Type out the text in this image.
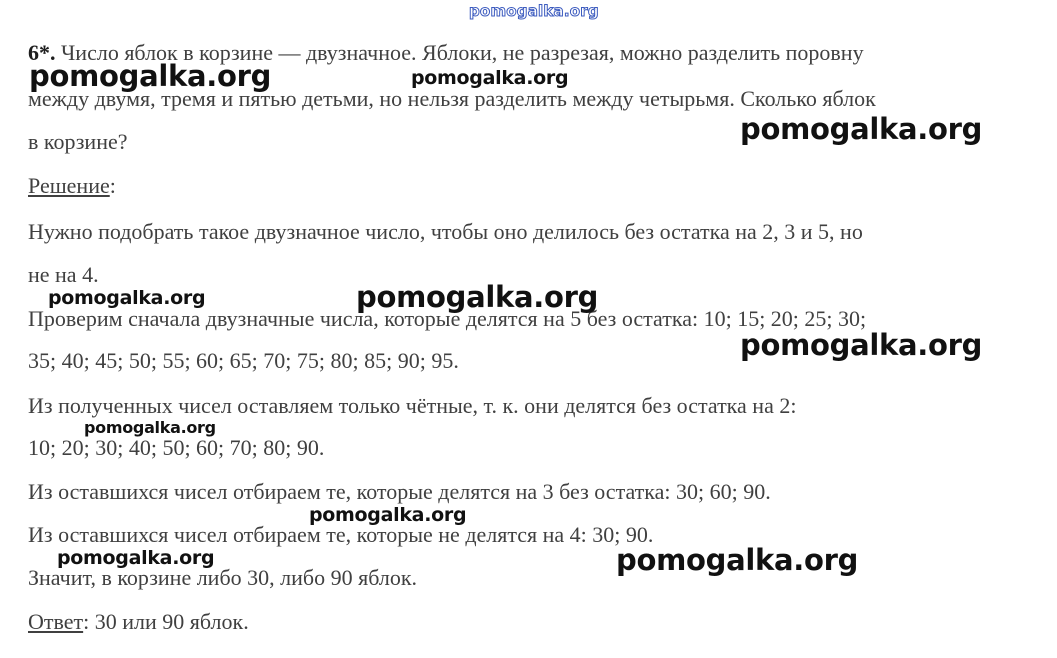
pomogalka.org
6*. Число яблок в корзине — двузначное. Яблоки, не разрезая, можно разделить поровну
между двумя, тремя и пятью детьми, но нельзя разделить между четырьмя. Сколько яблок
в корзине?
Решение:
Нужно подобрать такое двузначное число, чтобы оно делилось без остатка на 2, 3 и 5, но
не на 4.
Проверим сначала двузначные числа, которые делятся на 5 без остатка: 10; 15; 20; 25; 30;
35; 40; 45; 50; 55; 60; 65; 70; 75; 80; 85; 90; 95.
Из полученных чисел оставляем только чётные, т. к. они делятся без остатка на 2:
10; 20; 30; 40; 50; 60; 70; 80; 90.
Из оставшихся чисел отбираем те, которые делятся на 3 без остатка: 30; 60; 90.
Из оставшихся чисел отбираем те, которые не делятся на 4: 30; 90.
Значит, в корзине либо 30, либо 90 яблок.
Ответ: 30 или 90 яблок.
pomogalka.org	pomogalka.org
pomogalka.org
pomogalka.org	pomogalka.org
pomogalka.org
pomogalka.org
pomogalka.org
pomogalka.org	pomogalka.org
